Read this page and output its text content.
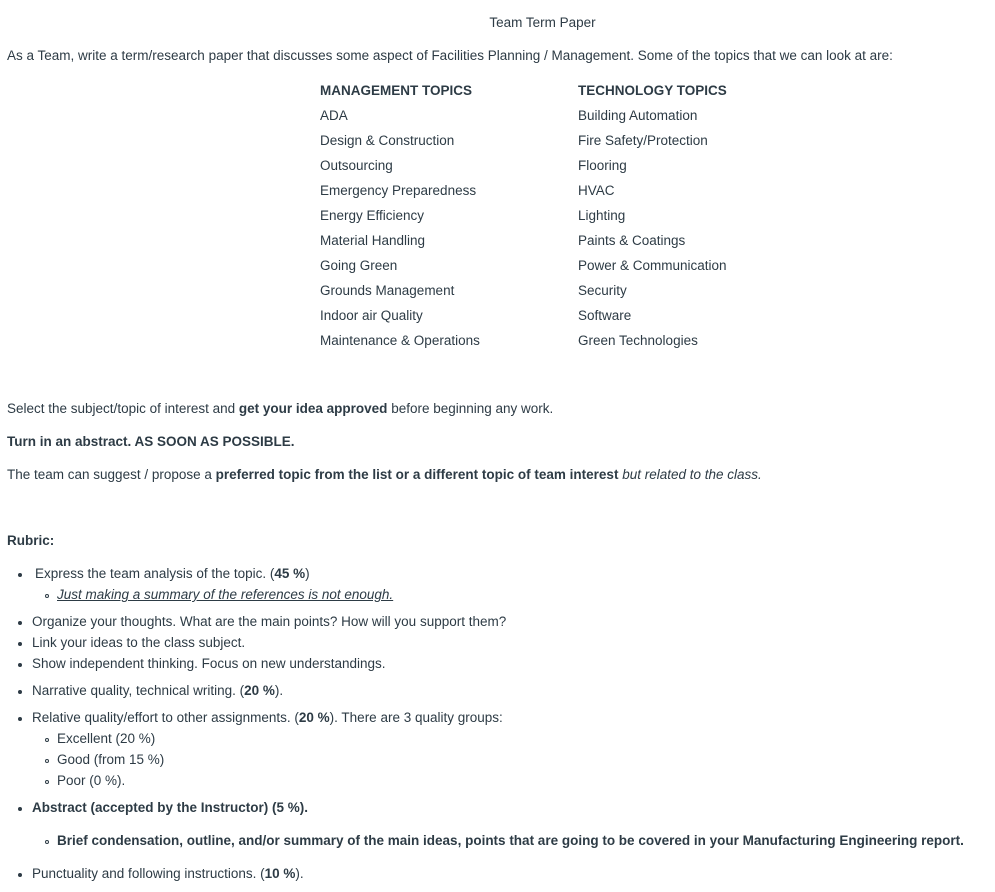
Team Term Paper
As a Team, write a term/research paper that discusses some aspect of Facilities Planning / Management. Some of the topics that we can look at are:
MANAGEMENT TOPICS
ADA
Design & Construction
Outsourcing
Emergency Preparedness
Energy Efficiency
Material Handling
Going Green
Grounds Management
Indoor air Quality
Maintenance & Operations
TECHNOLOGY TOPICS
Building Automation
Fire Safety/Protection
Flooring
HVAC
Lighting
Paints & Coatings
Power & Communication
Security
Software
Green Technologies
Select the subject/topic of interest and get your idea approved before beginning any work.
Turn in an abstract. AS SOON AS POSSIBLE.
The team can suggest / propose a preferred topic from the list or a different topic of team interest but related to the class.
Rubric:
Express the team analysis of the topic. (45 %)
Just making a summary of the references is not enough.
Organize your thoughts. What are the main points? How will you support them?
Link your ideas to the class subject.
Show independent thinking. Focus on new understandings.
Narrative quality, technical writing. (20 %).
Relative quality/effort to other assignments. (20 %). There are 3 quality groups:
Excellent (20 %)
Good (from 15 %)
Poor (0 %).
Abstract (accepted by the Instructor) (5 %).
Brief condensation, outline, and/or summary of the main ideas, points that are going to be covered in your Manufacturing Engineering report.
Punctuality and following instructions. (10 %).
